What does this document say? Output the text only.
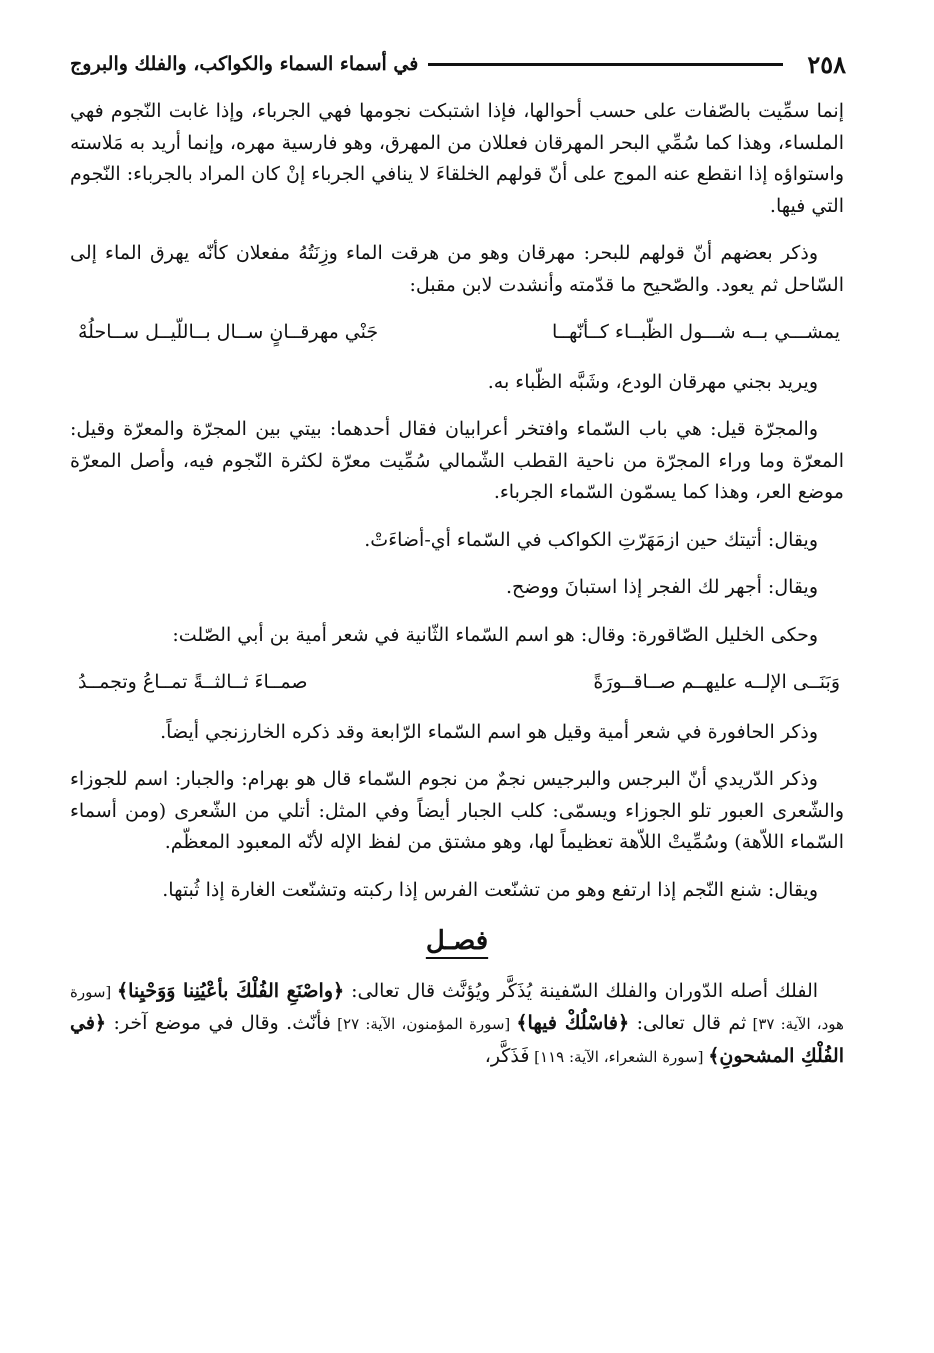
٢٥٨
في أسماء السماء والكواكب، والفلك والبروج

إنما سمِّيت بالصّفات على حسب أحوالها، فإذا اشتبكت نجومها فهي الجرباء، وإذا غابت النّجوم فهي الملساء، وهذا كما سُمِّي البحر المهرقان فعللان من المهرق، وهو فارسية مهره، وإنما أريد به مَلاسته واستواؤه إذا انقطع عنه الموج على أنّ قولهم الخلقاءَ لا ينافي الجرباء إنْ كان المراد بالجرباء: النّجوم التي فيها.

وذكر بعضهم أنّ قولهم للبحر: مهرقان وهو من هرقت الماء وزِنَتُهُ مفعلان كأنّه يهرق الماء إلى السّاحل ثم يعود. والصّحيح ما قدّمته وأنشدت لابن مقبل:

يمشـــي بــه شـــول الظّبــاء كــأنّهــا
جَنْي مهرقــانٍ ســال بــاللّيــل ســاحلُهْ

ويريد بجني مهرقان الودع، وشَبَّه الظّباء به.

والمجرّة قيل: هي باب السّماء وافتخر أعرابيان فقال أحدهما: بيتي بين المجرّة والمعرّة وقيل: المعرّة وما وراء المجرّة من ناحية القطب الشّمالي سُمِّيت معرّة لكثرة النّجوم فيه، وأصل المعرّة موضع العر، وهذا كما يسمّون السّماء الجرباء.

ويقال: أتيتك حين ازمَهَرّتِ الكواكب في السّماء أي-أضاءَتْ.

ويقال: أجهر لك الفجر إذا استبانَ ووضح.

وحكى الخليل الصّاقورة: وقال: هو اسم السّماء الثّانية في شعر أمية بن أبي الصّلت:

وَبَنَــى الإلــه عليهــم صــاقــورَةً
صمــاءَ ثــالثــةً تمــاعُ وتجمــدُ

وذكر الحافورة في شعر أمية وقيل هو اسم السّماء الرّابعة وقد ذكره الخارزنجي أيضاً.

وذكر الدّريدي أنّ البرجس والبرجيس نجمٌ من نجوم السّماء قال هو بهرام: والجبار: اسم للجوزاء والشّعرى العبور تلو الجوزاء ويسمّى: كلب الجبار أيضاً وفي المثل: أتلي من الشّعرى (ومن أسماء السّماء اللاّهة) وسُمِّيتْ اللاّهة تعظيماً لها، وهو مشتق من لفظ الإله لأنّه المعبود المعظّم.

ويقال: شنع النّجم إذا ارتفع وهو من تشنّعت الفرس إذا ركبته وتشنّعت الغارة إذا ثُبتها.

فصـل

الفلك أصله الدّوران والفلك السّفينة يُذَكَّر ويُؤنَّث قال تعالى: ﴿واصْنَعِ الفُلْكَ بأعْيُنِنا وَوَحْيِنا﴾ [سورة هود، الآية: ٣٧] ثم قال تعالى: ﴿فاسْلُكْ فيها﴾ [سورة المؤمنون، الآية: ٢٧] فأنّث. وقال في موضع آخر: ﴿في الفُلْكِ المشحونِ﴾ [سورة الشعراء، الآية: ١١٩] فَذَكَّر،
